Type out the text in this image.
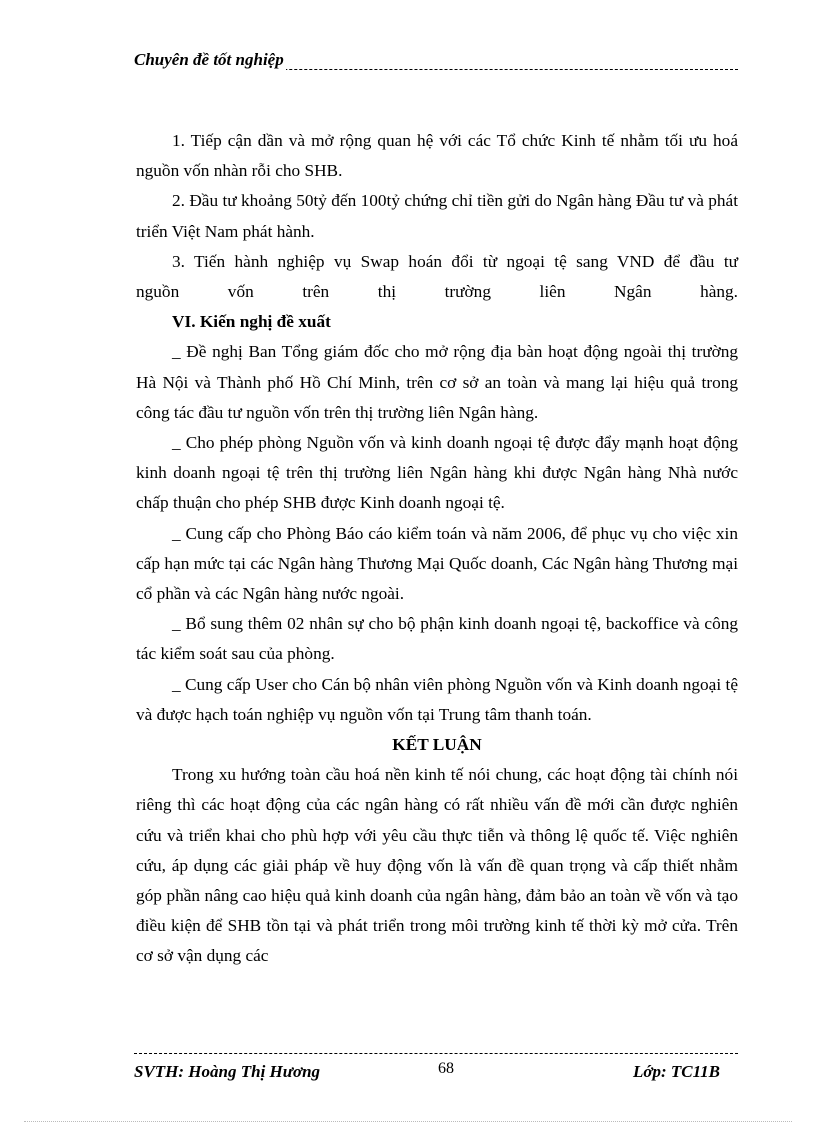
Chuyên đề tốt nghiệp

1. Tiếp cận dần và mở rộng quan hệ với các Tổ chức Kinh tế nhằm tối ưu hoá nguồn vốn nhàn rỗi cho SHB.

2. Đầu tư khoảng 50tỷ đến 100tỷ chứng chỉ tiền gửi do Ngân hàng Đầu tư và phát triển Việt Nam phát hành.

3. Tiến hành nghiệp vụ Swap hoán đổi từ ngoại tệ sang VND để đầu tư

nguồn vốn trên thị trường liên Ngân hàng.

VI. Kiến nghị đề xuất

_ Đề nghị Ban Tổng giám đốc cho mở rộng địa bàn hoạt động ngoài thị trường Hà Nội và Thành phố Hồ Chí Minh, trên cơ sở an toàn và mang lại hiệu quả trong công tác đầu tư nguồn vốn trên thị trường liên Ngân hàng.

_ Cho phép phòng Nguồn vốn và kinh doanh ngoại tệ được đẩy mạnh hoạt động kinh doanh ngoại tệ trên thị trường liên Ngân hàng khi được Ngân hàng Nhà nước chấp thuận cho phép SHB được Kinh doanh ngoại tệ.

_ Cung cấp cho Phòng Báo cáo kiểm toán và năm 2006, để phục vụ cho việc xin cấp hạn mức tại các Ngân hàng Thương Mại Quốc doanh, Các Ngân hàng Thương mại cổ phần và các Ngân hàng nước ngoài.

_ Bổ sung thêm 02 nhân sự cho bộ phận kinh doanh ngoại tệ, backoffice và công tác kiểm soát sau của phòng.

_ Cung cấp User cho Cán bộ nhân viên phòng Nguồn vốn và Kinh doanh ngoại tệ và được hạch toán nghiệp vụ nguồn vốn tại Trung tâm thanh toán.

KẾT LUẬN

Trong xu hướng toàn cầu hoá nền kinh tế nói chung, các hoạt động tài chính nói riêng thì các hoạt động của các ngân hàng có rất nhiều vấn đề mới cần được nghiên cứu và triển khai cho phù hợp với yêu cầu thực tiễn và thông lệ quốc tế. Việc nghiên cứu, áp dụng các giải pháp về huy động vốn là vấn đề quan trọng và cấp thiết nhằm góp phần nâng cao hiệu quả kinh doanh của ngân hàng, đảm bảo an toàn về vốn và tạo điều kiện để SHB tồn tại và phát triển trong môi trường kinh tế thời kỳ mở cửa. Trên cơ sở vận dụng các

SVTH: Hoàng Thị Hương	68	Lớp: TC11B
